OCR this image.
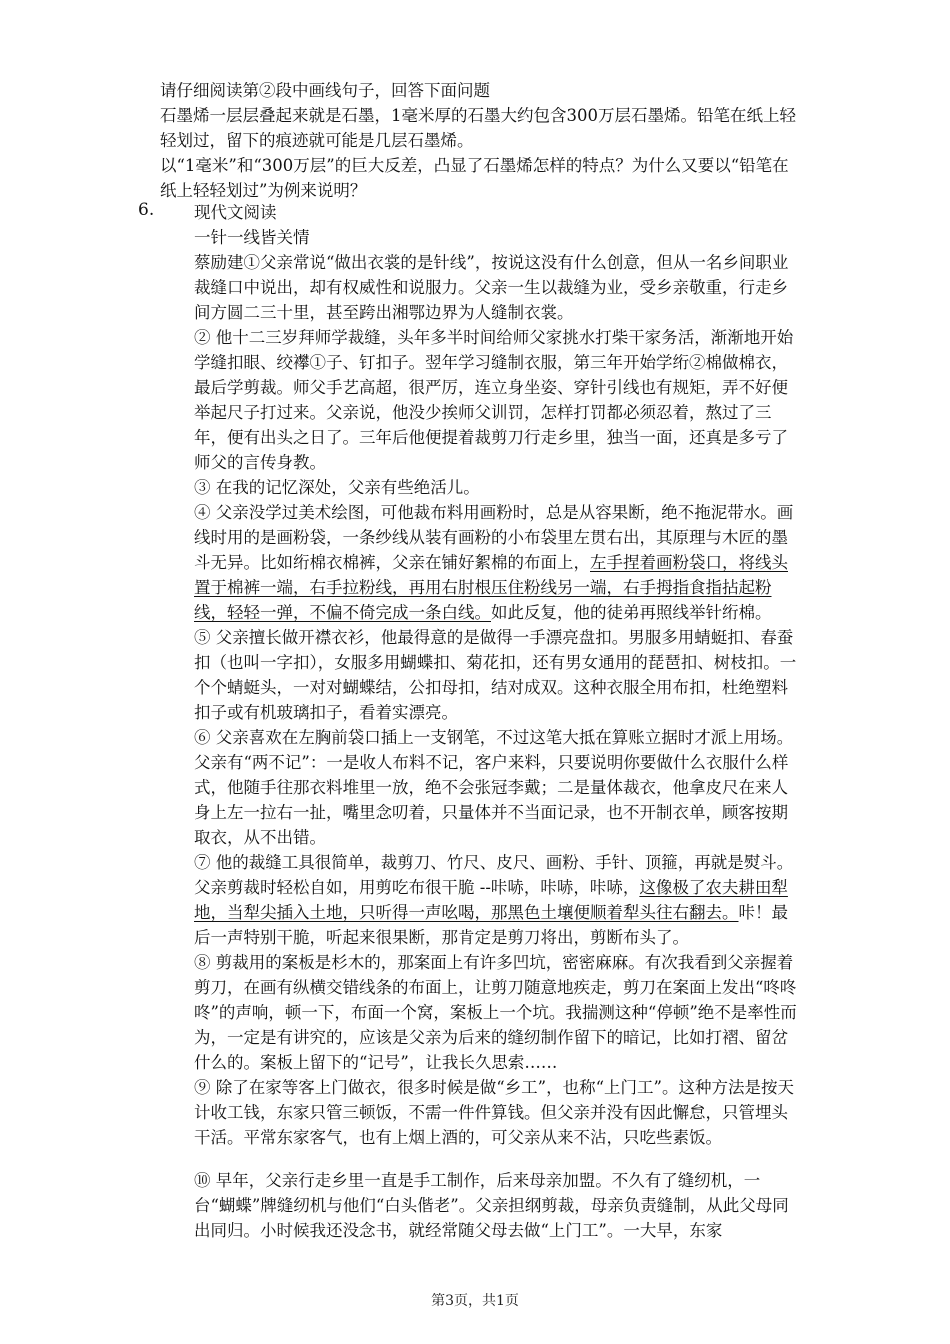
请仔细阅读第②段中画线句子，回答下面问题

石墨烯一层层叠起来就是石墨，1毫米厚的石墨大约包含300万层石墨烯。铅笔在纸上轻轻划过，留下的痕迹就可能是几层石墨烯。

以“1毫米”和“300万层”的巨大反差，凸显了石墨烯怎样的特点？为什么又要以“铅笔在纸上轻轻划过”为例来说明？

6.	现代文阅读

一针一线皆关情

蔡励建①父亲常说“做出衣裳的是针线”，按说这没有什么创意，但从一名乡间职业裁缝口中说出，却有权威性和说服力。父亲一生以裁缝为业，受乡亲敬重，行走乡间方圆二三十里，甚至跨出湘鄂边界为人缝制衣裳。

② 他十二三岁拜师学裁缝，头年多半时间给师父家挑水打柴干家务活，渐渐地开始学缝扣眼、绞襻①子、钉扣子。翌年学习缝制衣服，第三年开始学绗②棉做棉衣，最后学剪裁。师父手艺高超，很严厉，连立身坐姿、穿针引线也有规矩，弄不好便举起尺子打过来。父亲说，他没少挨师父训罚，怎样打罚都必须忍着，熬过了三年，便有出头之日了。三年后他便提着裁剪刀行走乡里，独当一面，还真是多亏了师父的言传身教。

③ 在我的记忆深处，父亲有些绝活儿。

④ 父亲没学过美术绘图，可他裁布料用画粉时，总是从容果断，绝不拖泥带水。画线时用的是画粉袋，一条纱线从装有画粉的小布袋里左贯右出，其原理与木匠的墨斗无异。比如绗棉衣棉裤，父亲在铺好絮棉的布面上，左手捏着画粉袋口，将线头置于棉裤一端，右手拉粉线，再用右肘根压住粉线另一端，右手拇指食指拈起粉线，轻轻一弹，不偏不倚完成一条白线。如此反复，他的徒弟再照线举针绗棉。

⑤ 父亲擅长做开襟衣衫，他最得意的是做得一手漂亮盘扣。男服多用蜻蜓扣、春蚕扣（也叫一字扣），女服多用蝴蝶扣、菊花扣，还有男女通用的琵琶扣、树枝扣。一个个蜻蜓头，一对对蝴蝶结，公扣母扣，结对成双。这种衣服全用布扣，杜绝塑料扣子或有机玻璃扣子，看着实漂亮。

⑥ 父亲喜欢在左胸前袋口插上一支钢笔，不过这笔大抵在算账立据时才派上用场。父亲有“两不记”：一是收人布料不记，客户来料，只要说明你要做什么衣服什么样式，他随手往那衣料堆里一放，绝不会张冠李戴；二是量体裁衣，他拿皮尺在来人身上左一拉右一扯，嘴里念叨着，只量体并不当面记录，也不开制衣单，顾客按期取衣，从不出错。

⑦ 他的裁缝工具很简单，裁剪刀、竹尺、皮尺、画粉、手针、顶箍，再就是熨斗。父亲剪裁时轻松自如，用剪吃布很干脆 --咔哧，咔哧，咔哧，这像极了农夫耕田犁地，当犁尖插入土地，只听得一声吆喝，那黑色土壤便顺着犁头往右翻去。咔！最后一声特别干脆，听起来很果断，那肯定是剪刀将出，剪断布头了。

⑧ 剪裁用的案板是杉木的，那案面上有许多凹坑，密密麻麻。有次我看到父亲握着剪刀，在画有纵横交错线条的布面上，让剪刀随意地疾走，剪刀在案面上发出“咚咚咚”的声响，顿一下，布面一个窝，案板上一个坑。我揣测这种“停顿”绝不是率性而为，一定是有讲究的，应该是父亲为后来的缝纫制作留下的暗记，比如打褶、留岔什么的。案板上留下的“记号”，让我长久思索……

⑨ 除了在家等客上门做衣，很多时候是做“乡工”，也称“上门工”。这种方法是按天计收工钱，东家只管三顿饭，不需一件件算钱。但父亲并没有因此懈怠，只管埋头干活。平常东家客气，也有上烟上酒的，可父亲从来不沾，只吃些素饭。

⑩ 早年，父亲行走乡里一直是手工制作，后来母亲加盟。不久有了缝纫机，一台“蝴蝶”牌缝纫机与他们“白头偕老”。父亲担纲剪裁，母亲负责缝制，从此父母同出同归。小时候我还没念书，就经常随父母去做“上门工”。一大早，东家

第3页，共1页
